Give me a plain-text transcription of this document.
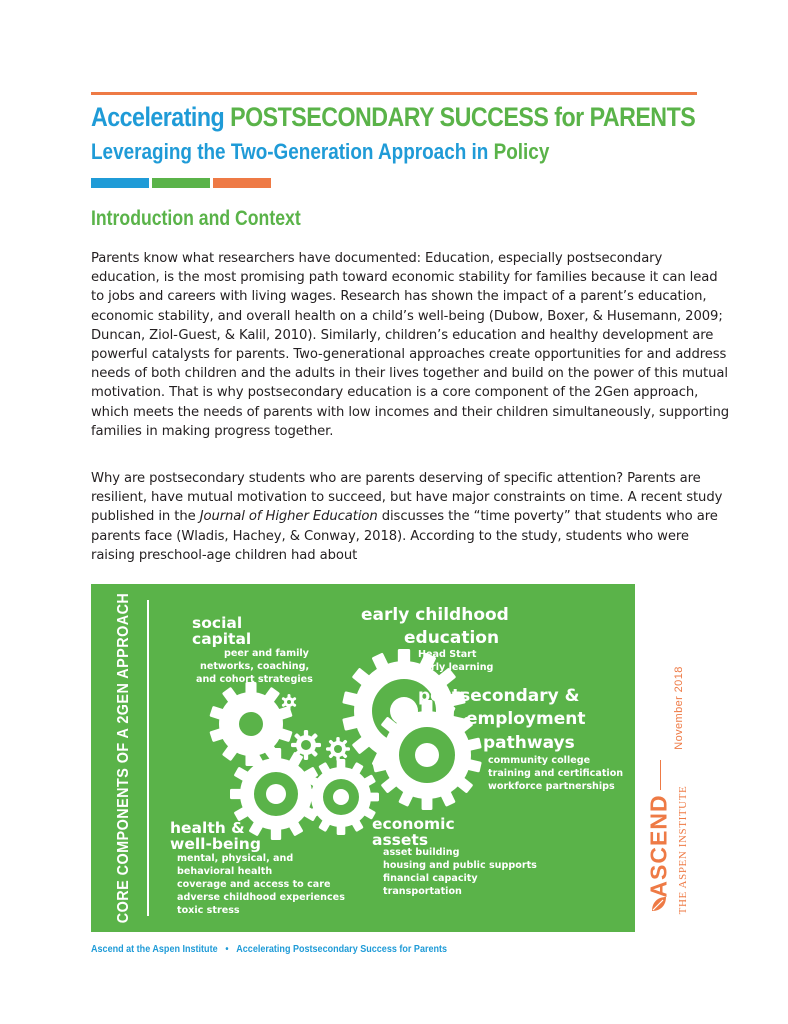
Accelerating POSTSECONDARY SUCCESS for PARENTS
Leveraging the Two-Generation Approach in Policy
Introduction and Context
Parents know what researchers have documented: Education, especially postsecondary education, is the most promising path toward economic stability for families because it can lead to jobs and careers with living wages. Research has shown the impact of a parent’s education, economic stability, and overall health on a child’s well-being (Dubow, Boxer, & Husemann, 2009; Duncan, Ziol-Guest, & Kalil, 2010). Similarly, children’s education and healthy development are powerful catalysts for parents. Two-generational approaches create opportunities for and address needs of both children and the adults in their lives together and build on the power of this mutual motivation. That is why postsecondary education is a core component of the 2Gen approach, which meets the needs of parents with low incomes and their children simultaneously, supporting families in making progress together.
Why are postsecondary students who are parents deserving of specific attention? Parents are resilient, have mutual motivation to succeed, but have major constraints on time. A recent study published in the Journal of Higher Education discusses the “time poverty” that students who are parents face (Wladis, Hachey, & Conway, 2018). According to the study, students who were raising preschool-age children had about
CORE COMPONENTS OF A 2GEN APPROACH	social
capital
peer and family
networks, coaching,
and cohort strategies
early childhood
education
Head Start
early learning
postsecondary &
employment
pathways
community college
training and certification
workforce partnerships
health &
well-being
mental, physical, and
behavioral health
coverage and access to care
adverse childhood experiences
toxic stress
economic
assets
asset building
housing and public supports
financial capacity
transportation
November 2018
ASCEND THE ASPEN INSTITUTE
Ascend at the Aspen Institute • Accelerating Postsecondary Success for Parents
